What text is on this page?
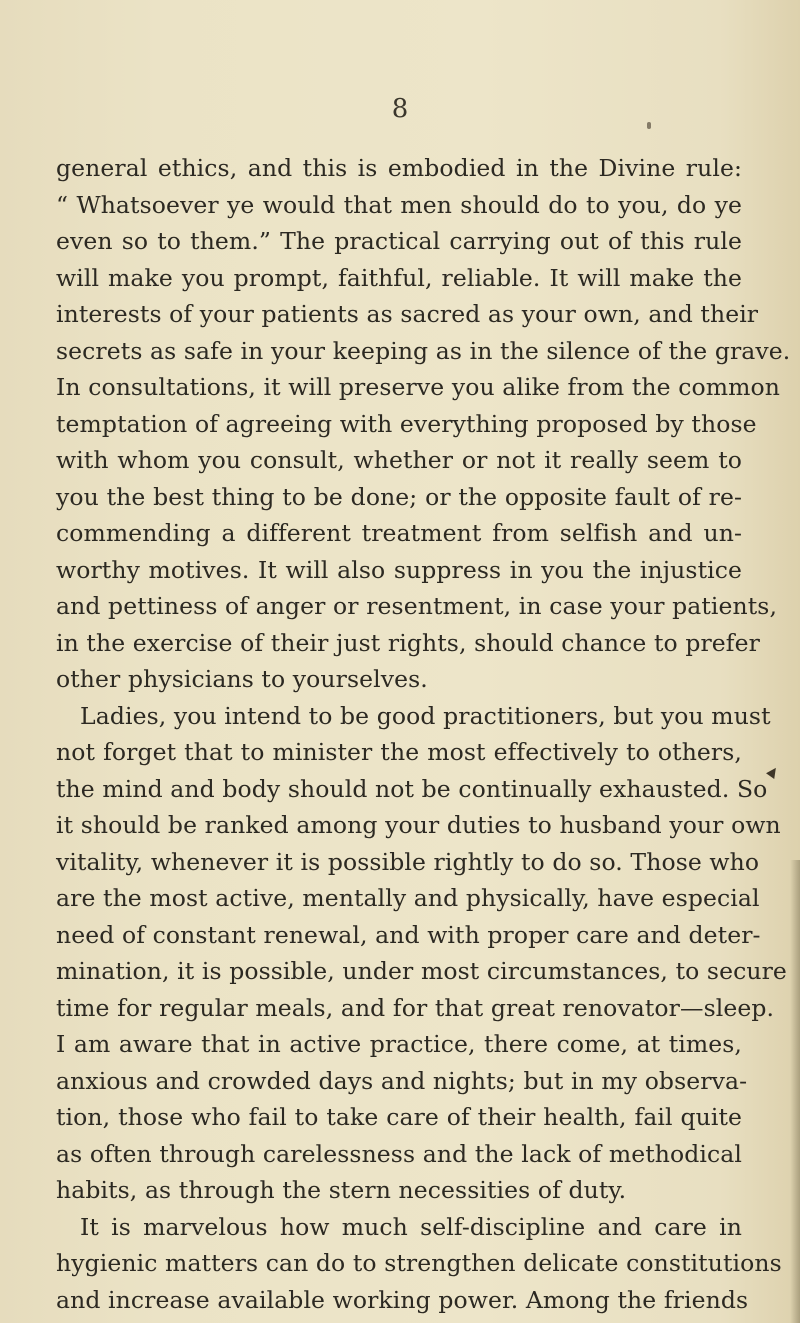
8
general ethics, and this is embodied in the Divine rule:
“ Whatsoever ye would that men should do to you, do ye
even so to them.” The practical carrying out of this rule
will make you prompt, faithful, reliable. It will make the
interests of your patients as sacred as your own, and their
secrets as safe in your keeping as in the silence of the grave.
In consultations, it will preserve you alike from the common
temptation of agreeing with everything proposed by those
with whom you consult, whether or not it really seem to
you the best thing to be done; or the opposite fault of re-
commending a different treatment from selfish and un-
worthy motives. It will also suppress in you the injustice
and pettiness of anger or resentment, in case your patients,
in the exercise of their just rights, should chance to prefer
other physicians to yourselves.
Ladies, you intend to be good practitioners, but you must
not forget that to minister the most effectively to others,
the mind and body should not be continually exhausted. So
it should be ranked among your duties to husband your own
vitality, whenever it is possible rightly to do so. Those who
are the most active, mentally and physically, have especial
need of constant renewal, and with proper care and deter-
mination, it is possible, under most circumstances, to secure
time for regular meals, and for that great renovator—sleep.
I am aware that in active practice, there come, at times,
anxious and crowded days and nights; but in my observa-
tion, those who fail to take care of their health, fail quite
as often through carelessness and the lack of methodical
habits, as through the stern necessities of duty.
It is marvelous how much self-discipline and care in
hygienic matters can do to strengthen delicate constitutions
and increase available working power. Among the friends
